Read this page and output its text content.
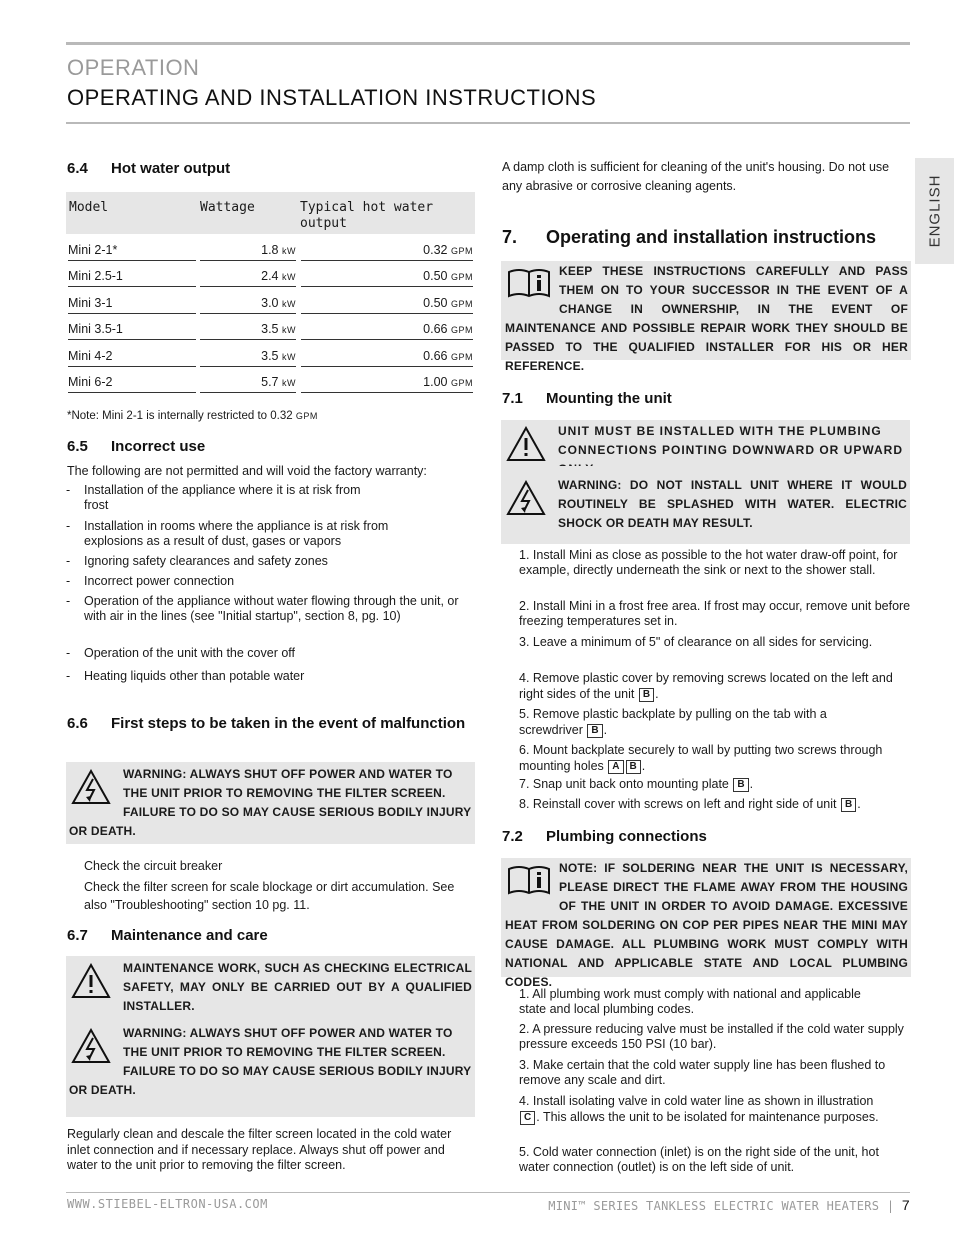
OPERATION
OPERATING AND INSTALLATION INSTRUCTIONS
ENGLISH
6.4 Hot water output
Model	Wattage	Typical hot water output
Mini 2-1*	1.8 kW	0.32 GPM
Mini 2.5-1	2.4 kW	0.50 GPM
Mini 3-1	3.0 kW	0.50 GPM
Mini 3.5-1	3.5 kW	0.66 GPM
Mini 4-2	3.5 kW	0.66 GPM
Mini 6-2	5.7 kW	1.00 GPM
*Note: Mini 2-1 is internally restricted to 0.32 GPM
6.5 Incorrect use
The following are not permitted and will void the factory warranty:
- Installation of the appliance where it is at risk from frost
- Installation in rooms where the appliance is at risk from explosions as a result of dust, gases or vapors
- Ignoring safety clearances and safety zones
- Incorrect power connection
- Operation of the appliance without water flowing through the unit, or with air in the lines (see "Initial startup", section 8, pg. 10)
- Operation of the unit with the cover off
- Heating liquids other than potable water
6.6 First steps to be taken in the event of malfunction
WARNING: ALWAYS SHUT OFF POWER AND WATER TO THE UNIT PRIOR TO REMOVING THE FILTER SCREEN. FAILURE TO DO SO MAY CAUSE SERIOUS BODILY INJURY OR DEATH.
Check the circuit breaker
Check the filter screen for scale blockage or dirt accumulation. See also "Troubleshooting" section 10 pg. 11.
6.7 Maintenance and care
MAINTENANCE WORK, SUCH AS CHECKING ELECTRICAL SAFETY, MAY ONLY BE CARRIED OUT BY A QUALIFIED INSTALLER.
WARNING: ALWAYS SHUT OFF POWER AND WATER TO THE UNIT PRIOR TO REMOVING THE FILTER SCREEN. FAILURE TO DO SO MAY CAUSE SERIOUS BODILY INJURY OR DEATH.
Regularly clean and descale the filter screen located in the cold water inlet connection and if necessary replace. Always shut off power and water to the unit prior to removing the filter screen.
A damp cloth is sufficient for cleaning of the unit's housing. Do not use any abrasive or corrosive cleaning agents.
7. Operating and installation instructions
KEEP THESE INSTRUCTIONS CAREFULLY AND PASS THEM ON TO YOUR SUCCESSOR IN THE EVENT OF A CHANGE IN OWNERSHIP, IN THE EVENT OF MAINTENANCE AND POSSIBLE REPAIR WORK THEY SHOULD BE PASSED TO THE QUALIFIED INSTALLER FOR HIS OR HER REFERENCE.
7.1 Mounting the unit
UNIT MUST BE INSTALLED WITH THE PLUMBING CONNECTIONS POINTING DOWNWARD OR UPWARD
WARNING: DO NOT INSTALL UNIT WHERE IT WOULD ROUTINELY BE SPLASHED WITH WATER. ELECTRIC SHOCK OR DEATH MAY RESULT.
1. Install Mini as close as possible to the hot water draw-off point, for example, directly underneath the sink or next to the shower stall.
2. Install Mini in a frost free area. If frost may occur, remove unit before freezing temperatures set in.
3. Leave a minimum of 5" of clearance on all sides for servicing.
4. Remove plastic cover by removing screws located on the left and right sides of the unit B .
5. Remove plastic backplate by pulling on the tab with a screwdriver B .
6. Mount backplate securely to wall by putting two screws through mounting holes A B .
7. Snap unit back onto mounting plate B .
8. Reinstall cover with screws on left and right side of unit B .
7.2 Plumbing connections
NOTE: IF SOLDERING NEAR THE UNIT IS NECESSARY, PLEASE DIRECT THE FLAME AWAY FROM THE HOUSING OF THE UNIT IN ORDER TO AVOID DAMAGE. EXCESSIVE HEAT FROM SOLDERING ON COP PER PIPES NEAR THE MINI MAY CAUSE DAMAGE. ALL PLUMBING WORK MUST COMPLY WITH NATIONAL AND APPLICABLE STATE AND LOCAL PLUMBING CODES.
1. All plumbing work must comply with national and applicable state and local plumbing codes.
2. A pressure reducing valve must be installed if the cold water supply pressure exceeds 150 PSI (10 bar).
3. Make certain that the cold water supply line has been flushed to remove any scale and dirt.
4. Install isolating valve in cold water line as shown in illustration C . This allows the unit to be isolated for maintenance purposes.
5. Cold water connection (inlet) is on the right side of the unit, hot water connection (outlet) is on the left side of unit.
WWW.STIEBEL-ELTRON-USA.COM	MINI™ SERIES TANKLESS ELECTRIC WATER HEATERS | 7
